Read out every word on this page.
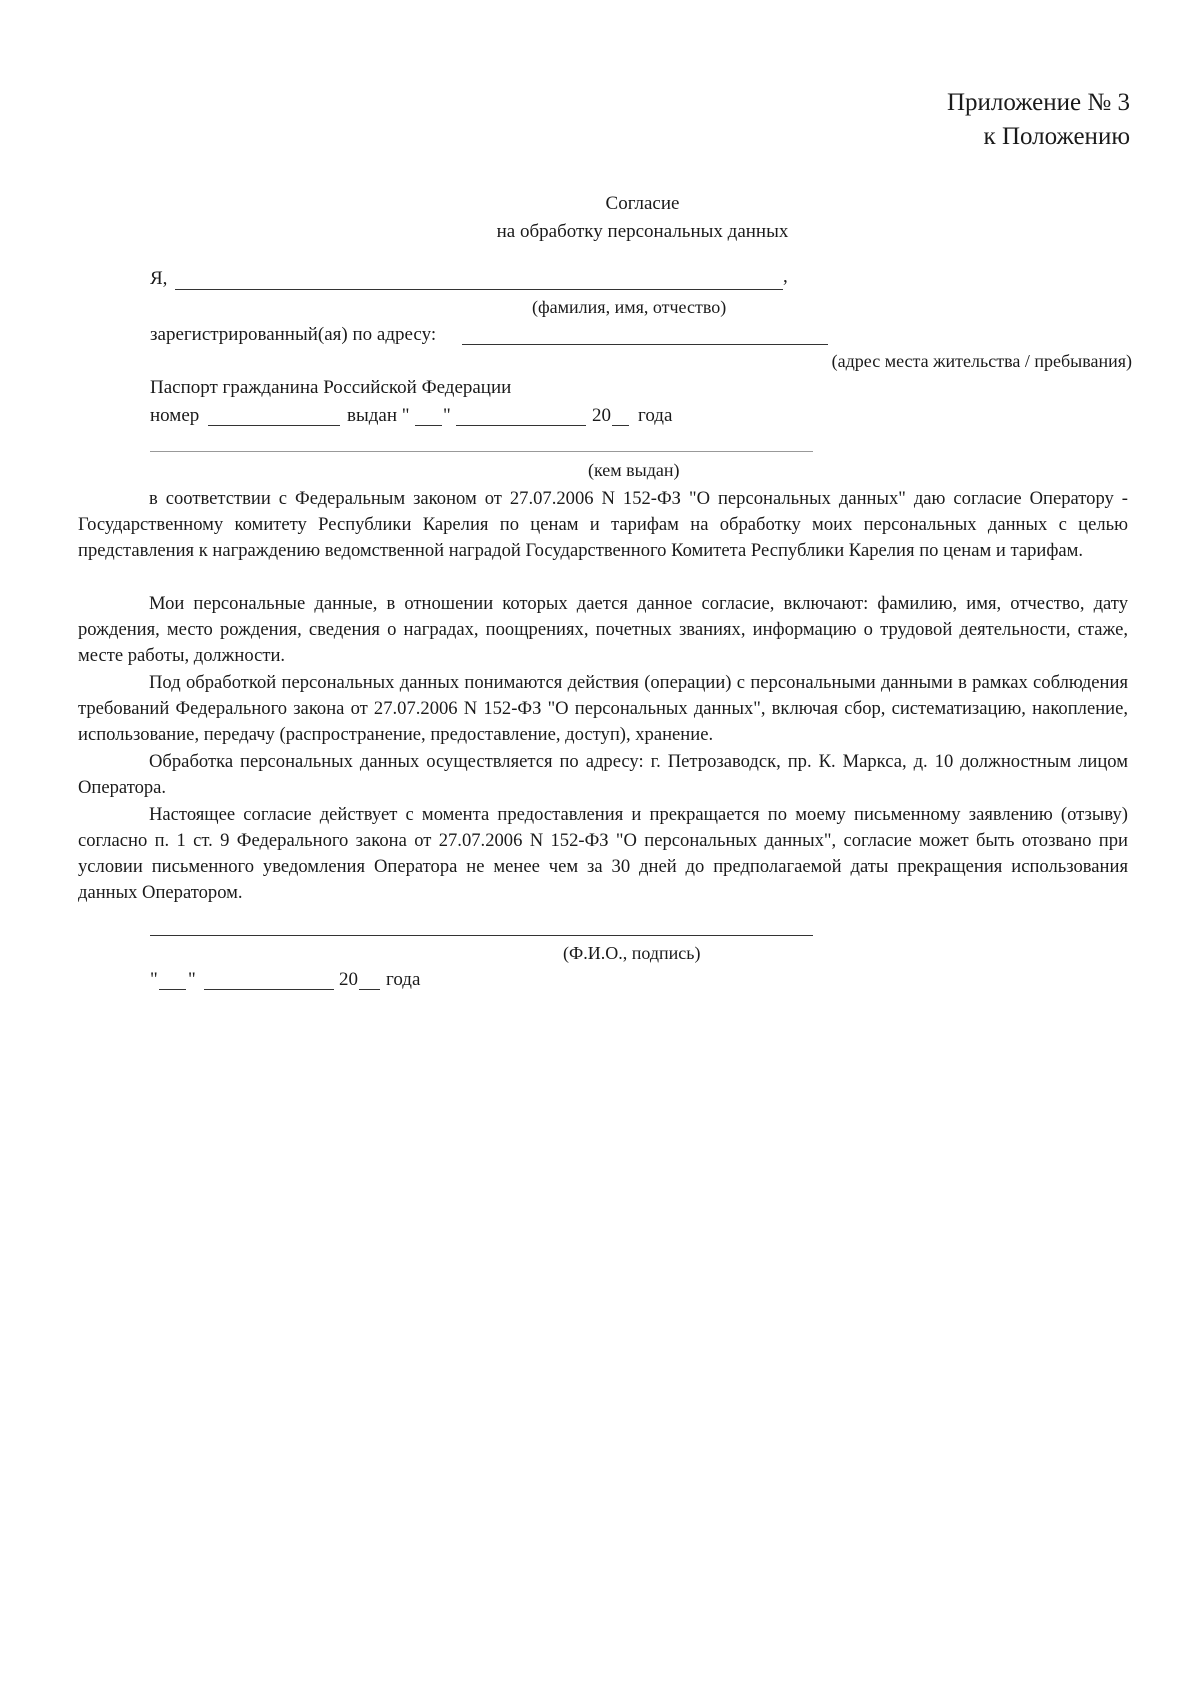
Приложение № 3
к Положению
Согласие
на обработку персональных данных
Я,	,
(фамилия, имя, отчество)
зарегистрированный(ая) по адресу:
(адрес места жительства / пребывания)
Паспорт гражданина Российской Федерации
номер	выдан " "	20 года
(кем выдан)
в соответствии с Федеральным законом от 27.07.2006 N 152-ФЗ "О персональных данных" даю согласие Оператору - Государственному комитету Республики Карелия по ценам и тарифам на обработку моих персональных данных с целью представления к награждению ведомственной наградой Государственного Комитета Республики Карелия по ценам и тарифам.
Мои персональные данные, в отношении которых дается данное согласие, включают: фамилию, имя, отчество, дату рождения, место рождения, сведения о наградах, поощрениях, почетных званиях, информацию о трудовой деятельности, стаже, месте работы, должности.
Под обработкой персональных данных понимаются действия (операции) с персональными данными в рамках соблюдения требований Федерального закона от 27.07.2006 N 152-ФЗ "О персональных данных", включая сбор, систематизацию, накопление, использование, передачу (распространение, предоставление, доступ), хранение.
Обработка персональных данных осуществляется по адресу: г. Петрозаводск, пр. К. Маркса, д. 10 должностным лицом Оператора.
Настоящее согласие действует с момента предоставления и прекращается по моему письменному заявлению (отзыву) согласно п. 1 ст. 9 Федерального закона от 27.07.2006 N 152-ФЗ "О персональных данных", согласие может быть отозвано при условии письменного уведомления Оператора не менее чем за 30 дней до предполагаемой даты прекращения использования данных Оператором.
(Ф.И.О., подпись)
" "	20 года
